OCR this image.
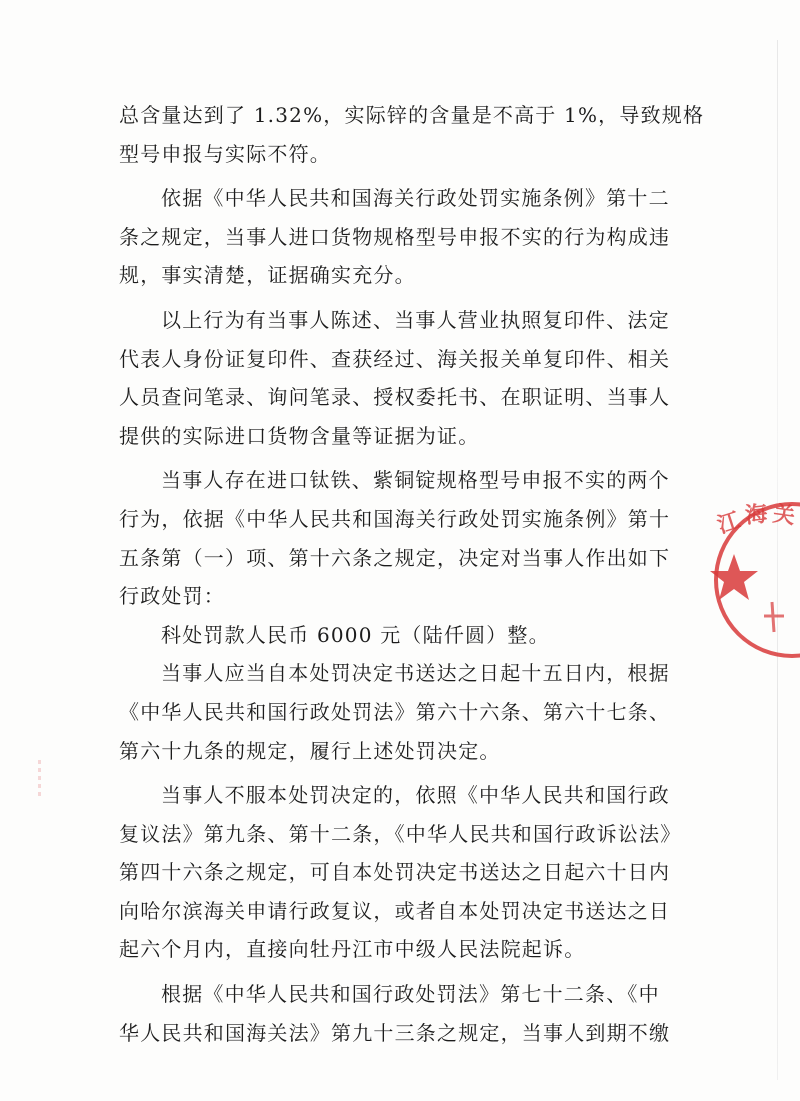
总含量达到了 1.32%，实际锌的含量是不高于 1%，导致规格
型号申报与实际不符。
依据《中华人民共和国海关行政处罚实施条例》第十二
条之规定，当事人进口货物规格型号申报不实的行为构成违
规，事实清楚，证据确实充分。
以上行为有当事人陈述、当事人营业执照复印件、法定
代表人身份证复印件、查获经过、海关报关单复印件、相关
人员查问笔录、询问笔录、授权委托书、在职证明、当事人
提供的实际进口货物含量等证据为证。
当事人存在进口钛铁、紫铜锭规格型号申报不实的两个
行为，依据《中华人民共和国海关行政处罚实施条例》第十
五条第（一）项、第十六条之规定，决定对当事人作出如下
行政处罚：
科处罚款人民币 6000 元（陆仟圆）整。
当事人应当自本处罚决定书送达之日起十五日内，根据
《中华人民共和国行政处罚法》第六十六条、第六十七条、
第六十九条的规定，履行上述处罚决定。
当事人不服本处罚决定的，依照《中华人民共和国行政
复议法》第九条、第十二条，《中华人民共和国行政诉讼法》
第四十六条之规定，可自本处罚决定书送达之日起六十日内
向哈尔滨海关申请行政复议，或者自本处罚决定书送达之日
起六个月内，直接向牡丹江市中级人民法院起诉。
根据《中华人民共和国行政处罚法》第七十二条、《中
华人民共和国海关法》第九十三条之规定，当事人到期不缴
江 海 关
